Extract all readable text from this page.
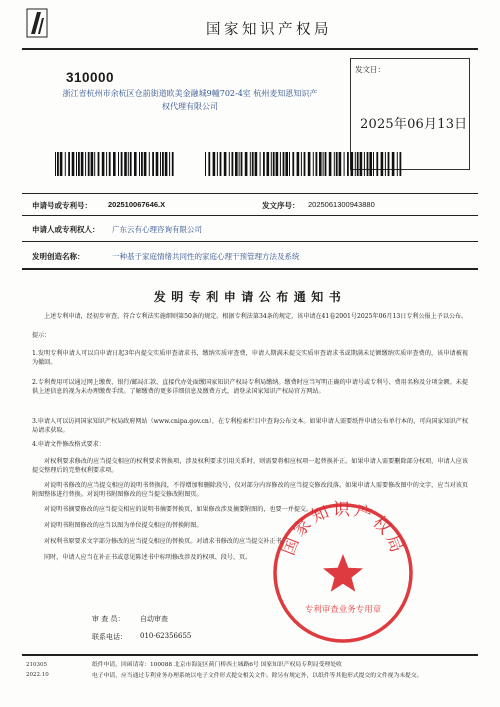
国家知识产权局
310000
浙江省杭州市余杭区仓前街道欧美金融城9幢702-4室 杭州麦知恩知识产权代理有限公司
发文日：
2025年06月13日
申请号或专利号： 202510067646.X	发文序号： 2025061300943880
申请人或专利权人： 广东云有心理咨询有限公司
发明创造名称：	一种基于家庭情绪共同性的家庭心理干预管理方法及系统
发明专利申请公布通知书
上述专利申请，经初步审查，符合专利法实施细则第50条的规定。根据专利法第34条的规定，该申请在41卷2001号2025年06月13日专利公报上予以公布。
提示：
1.发明专利申请人可以自申请日起3年内提交实质审查请求书、缴纳实质审查费，申请人期满未提交实质审查请求书或期满未足额缴纳实质审查费的，该申请被视为撤回。
2.专利费用可以通过网上缴费、银行/邮局汇款、直接代办处面缴国家知识产权局专利局缴纳。缴费时应当写明正确的申请号或专利号、费用名称及分项金额。未提供上述信息的视为未办理缴费手续。了解缴费的更多详细信息及缴费方式，请登录国家知识产权局官方网站。
3.申请人可以访问国家知识产权局政府网站（www.cnipa.gov.cn），在专利检索栏目中查询公布文本。如果申请人需要纸件申请公布单行本的，可向国家知识产权局请求获取。
4.申请文件修改格式要求：
对权利要求修改的应当提交相应的权利要求替换项，涉及权利要求引用关系时，则需要将相应权项一起替换补正。如果申请人需要删除部分权项，申请人应该提交整理后的完整权利要求项。
对说明书修改的应当提交相应的说明书替换段，不得增加和删除段号，仅对部分内容修改的应当提交修改段落。如果申请人需要修改图中的文字，应当对该页附图整体进行替换。对说明书附图修改的应当提交修改附图页。
对说明书摘要修改的应当提交相应的说明书摘要替换页，如果修改涉及摘要附图的，也要一并提交。
对说明书附图修改的应当以图为单位提交相应的替换附图。
对权利书原要求文字部分修改的应当提交相应的替换页。对请求书修改的应当提交补正书。
同时，申请人应当在补正书或意见陈述书中标明修改涉及的权项、段号、页。	国家知识产权局
专利审查业务专用章
审 查 员： 自动审查
联系电话： 010-62356655
210305
2022.10
纸件申请，回函请寄：100088 北京市海淀区蓟门桥西土城路6号 国家知识产权局专利局受理处收
电子申请，应当通过专利业务办理系统以电子文件形式提交相关文件。除另有规定外，以纸件等其他形式提交的文件视为未提交。
